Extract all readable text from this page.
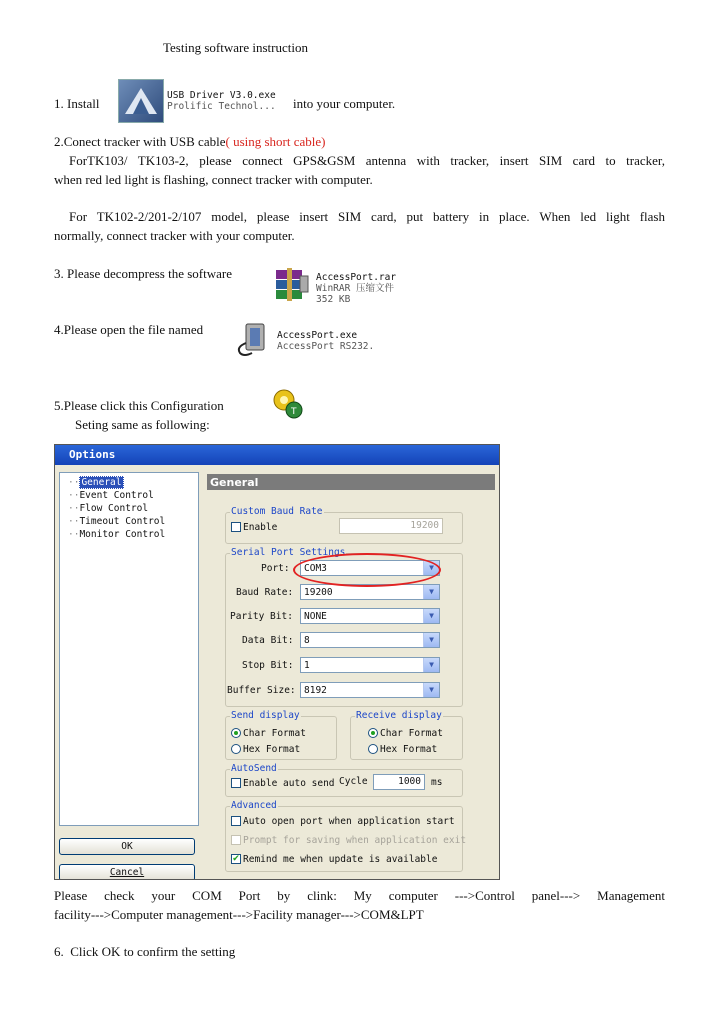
Testing software instruction
1. Install
USB Driver V3.0.exe
Prolific Technol... into your computer.
2.Conect tracker with USB cable( using short cable)
ForTK103/ TK103-2, please connect GPS&GSM antenna with tracker, insert SIM card to tracker,
when red led light is flashing, connect tracker with computer.
For TK102-2/201-2/107 model, please insert SIM card, put battery in place. When led light flash
normally, connect tracker with your computer.
3. Please decompress the software	AccessPort.rar
WinRAR 压缩文件
352 KB
4.Please open the file named	AccessPort.exe
AccessPort RS232.
5.Please click this Configuration
Seting same as following:
T
Options
·· General
··Event Control
··Flow Control
··Timeout Control
··Monitor Control
OK
Cancel
General
Custom Baud Rate
Enable	19200
Serial Port Settings
Port:	COM3	▼
Baud Rate:	19200	▼
Parity Bit:	NONE	▼
Data Bit:	8	▼
Stop Bit:	1	▼
Buffer Size: 8192	▼
Send display
Char Format
Hex Format
Receive display
Char Format
Hex Format
AutoSend
Enable auto send Cycle	1000	ms
Advanced
Auto open port when application start
Prompt for saving when application exit
✔ Remind me when update is available
Please check your COM Port by clink: My computer --->Control panel---> Management
facility--->Computer management--->Facility manager--->COM&LPT
6.  Click OK to confirm the setting
